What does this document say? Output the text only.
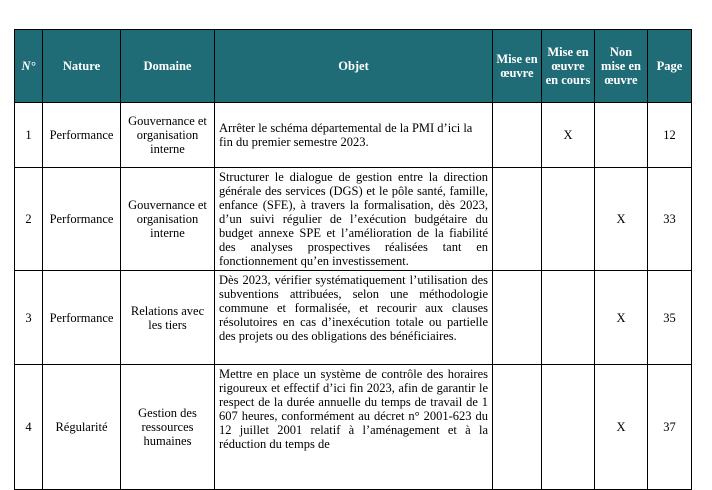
N°	Nature	Domaine	Objet	Mise en œuvre	Mise en œuvre en cours	Non mise en œuvre	Page
1	Performance	Gouvernance et organisation interne	Arrêter le schéma départemental de la PMI d’ici la fin du premier semestre 2023.		X		12
2	Performance	Gouvernance et organisation interne	Structurer le dialogue de gestion entre la direction générale des services (DGS) et le pôle santé, famille, enfance (SFE), à travers la formalisation, dès 2023, d’un suivi régulier de l’exécution budgétaire du budget annexe SPE et l’amélioration de la fiabilité des analyses prospectives réalisées tant en fonctionnement qu’en investissement.			X	33
3	Performance	Relations avec les tiers	Dès 2023, vérifier systématiquement l’utilisation des subventions attribuées, selon une méthodologie commune et formalisée, et recourir aux clauses résolutoires en cas d’inexécution totale ou partielle des projets ou des obligations des bénéficiaires.			X	35
4	Régularité	Gestion des ressources humaines	Mettre en place un système de contrôle des horaires rigoureux et effectif d’ici fin 2023, afin de garantir le respect de la durée annuelle du temps de travail de 1 607 heures, conformément au décret n° 2001-623 du 12 juillet 2001 relatif à l’aménagement et à la réduction du temps de			X	37
